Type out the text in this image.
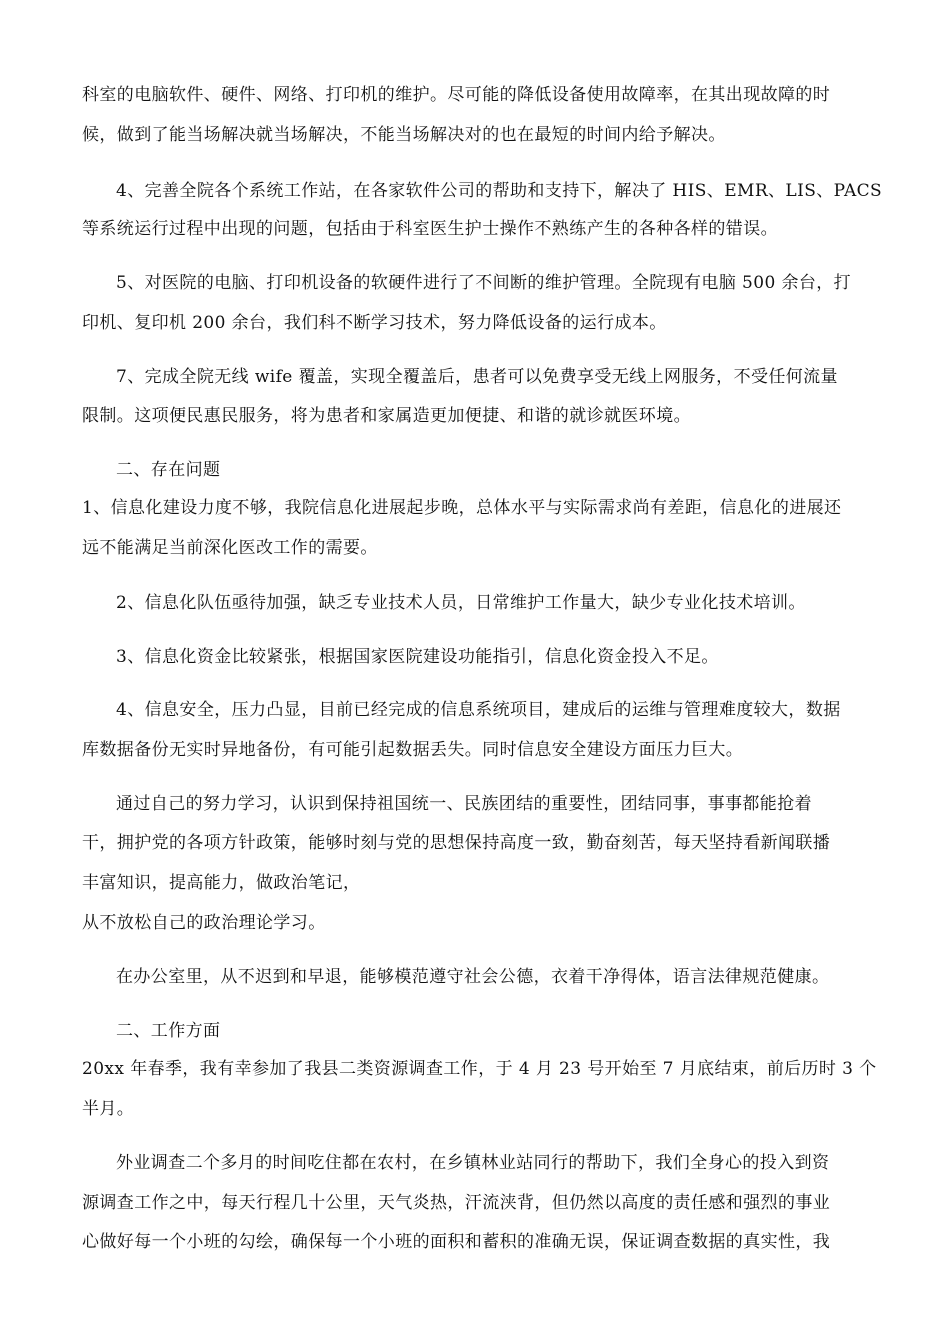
科室的电脑软件、硬件、网络、打印机的维护。尽可能的降低设备使用故障率，在其出现故障的时
候，做到了能当场解决就当场解决，不能当场解决对的也在最短的时间内给予解决。
4、完善全院各个系统工作站，在各家软件公司的帮助和支持下，解决了 HIS、EMR、LIS、PACS
等系统运行过程中出现的问题，包括由于科室医生护士操作不熟练产生的各种各样的错误。
5、对医院的电脑、打印机设备的软硬件进行了不间断的维护管理。全院现有电脑 500 余台，打
印机、复印机 200 余台，我们科不断学习技术，努力降低设备的运行成本。
7、完成全院无线 wife 覆盖，实现全覆盖后，患者可以免费享受无线上网服务，不受任何流量
限制。这项便民惠民服务，将为患者和家属造更加便捷、和谐的就诊就医环境。
二、存在问题
1、信息化建设力度不够，我院信息化进展起步晚，总体水平与实际需求尚有差距，信息化的进展还
远不能满足当前深化医改工作的需要。
2、信息化队伍亟待加强，缺乏专业技术人员，日常维护工作量大，缺少专业化技术培训。
3、信息化资金比较紧张，根据国家医院建设功能指引，信息化资金投入不足。
4、信息安全，压力凸显，目前已经完成的信息系统项目，建成后的运维与管理难度较大，数据
库数据备份无实时异地备份，有可能引起数据丢失。同时信息安全建设方面压力巨大。
通过自己的努力学习，认识到保持祖国统一、民族团结的重要性，团结同事，事事都能抢着
干，拥护党的各项方针政策，能够时刻与党的思想保持高度一致，勤奋刻苦，每天坚持看新闻联播
丰富知识，提高能力，做政治笔记，
从不放松自己的政治理论学习。
在办公室里，从不迟到和早退，能够模范遵守社会公德，衣着干净得体，语言法律规范健康。
二、工作方面
20xx 年春季，我有幸参加了我县二类资源调查工作，于 4 月 23 号开始至 7 月底结束，前后历时 3 个
半月。
外业调查二个多月的时间吃住都在农村，在乡镇林业站同行的帮助下，我们全身心的投入到资
源调查工作之中，每天行程几十公里，天气炎热，汗流浃背，但仍然以高度的责任感和强烈的事业
心做好每一个小班的勾绘，确保每一个小班的面积和蓄积的准确无误，保证调查数据的真实性，我
